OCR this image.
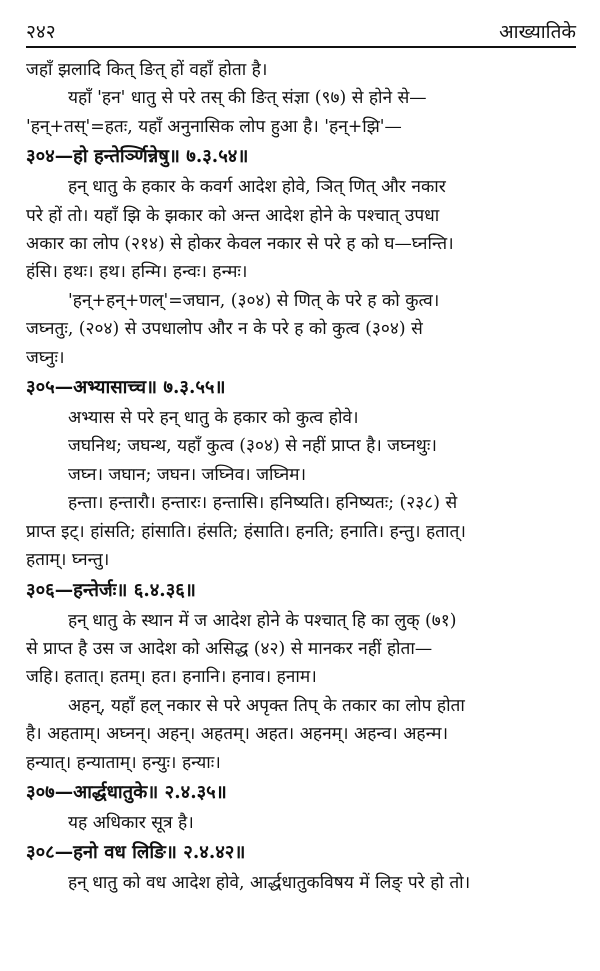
२४२	आख्यातिके

जहाँ झलादि कित् ङित् हों वहाँ होता है।

यहाँ 'हन' धातु से परे तस् की ङित् संज्ञा (९७) से होने से—

'हन्+तस्'=हतः, यहाँ अनुनासिक लोप हुआ है। 'हन्+झि'—

३०४—हो हन्तेर्ञ्णिन्नेषु॥ ७.३.५४॥

हन् धातु के हकार के कवर्ग आदेश होवे, ञित् णित् और नकार

परे हों तो। यहाँ झि के झकार को अन्त आदेश होने के पश्चात् उपधा

अकार का लोप (२१४) से होकर केवल नकार से परे ह को घ—घ्नन्ति।

हंसि। हथः। हथ। हन्मि। हन्वः। हन्मः।

'हन्+हन्+णल्'=जघान, (३०४) से णित् के परे ह को कुत्व।

जघ्नतुः, (२०४) से उपधालोप और न के परे ह को कुत्व (३०४) से

जघ्नुः।

३०५—अभ्यासाच्च॥ ७.३.५५॥

अभ्यास से परे हन् धातु के हकार को कुत्व होवे।

जघनिथ; जघन्थ, यहाँ कुत्व (३०४) से नहीं प्राप्त है। जघ्नथुः।

जघ्न। जघान; जघन। जघ्निव। जघ्निम।

हन्ता। हन्तारौ। हन्तारः। हन्तासि। हनिष्यति। हनिष्यतः; (२३८) से

प्राप्त इट्। हांसति; हांसाति। हंसति; हंसाति। हनति; हनाति। हन्तु। हतात्।

हताम्। घ्नन्तु।

३०६—हन्तेर्जः॥ ६.४.३६॥

हन् धातु के स्थान में ज आदेश होने के पश्चात् हि का लुक् (७१)

से प्राप्त है उस ज आदेश को असिद्ध (४२) से मानकर नहीं होता—

जहि। हतात्। हतम्। हत। हनानि। हनाव। हनाम।

अहन्, यहाँ हल् नकार से परे अपृक्त तिप् के तकार का लोप होता

है। अहताम्। अघ्नन्। अहन्। अहतम्। अहत। अहनम्। अहन्व। अहन्म।

हन्यात्। हन्याताम्। हन्युः। हन्याः।

३०७—आर्द्धधातुके॥ २.४.३५॥

यह अधिकार सूत्र है।

३०८—हनो वध लिङि॥ २.४.४२॥

हन् धातु को वध आदेश होवे, आर्द्धधातुकविषय में लिङ् परे हो तो।
